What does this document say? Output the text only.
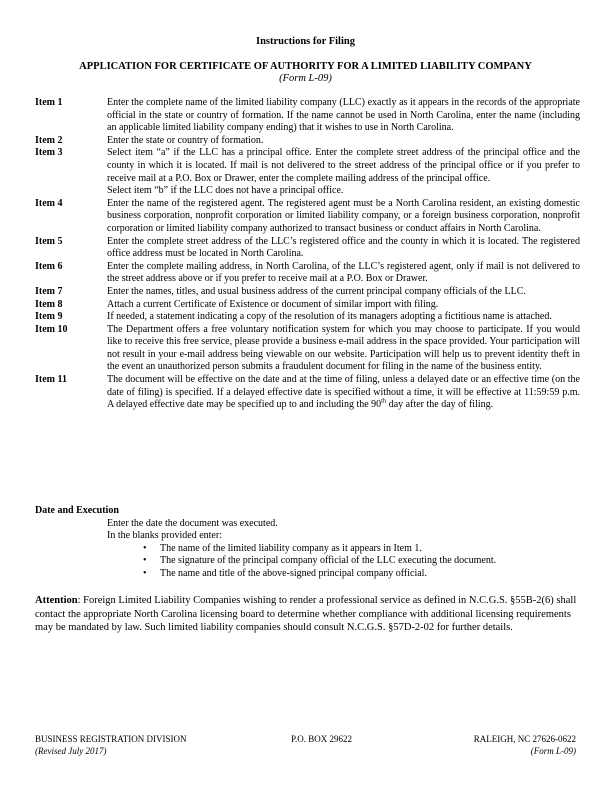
Instructions for Filing
APPLICATION FOR CERTIFICATE OF AUTHORITY FOR A LIMITED LIABILITY COMPANY
(Form L-09)
Item 1	Enter the complete name of the limited liability company (LLC) exactly as it appears in the records of the appropriate official in the state or country of formation. If the name cannot be used in North Carolina, enter the name (including an applicable limited liability company ending) that it wishes to use in North Carolina.
Item 2	Enter the state or country of formation.
Item 3	Select item “a” if the LLC has a principal office. Enter the complete street address of the principal office and the county in which it is located. If mail is not delivered to the street address of the principal office or if you prefer to receive mail at a P.O. Box or Drawer, enter the complete mailing address of the principal office.
Select item “b” if the LLC does not have a principal office.
Item 4	Enter the name of the registered agent. The registered agent must be a North Carolina resident, an existing domestic business corporation, nonprofit corporation or limited liability company, or a foreign business corporation, nonprofit corporation or limited liability company authorized to transact business or conduct affairs in North Carolina.
Item 5	Enter the complete street address of the LLC’s registered office and the county in which it is located. The registered office address must be located in North Carolina.
Item 6	Enter the complete mailing address, in North Carolina, of the LLC’s registered agent, only if mail is not delivered to the street address above or if you prefer to receive mail at a P.O. Box or Drawer.
Item 7	Enter the names, titles, and usual business address of the current principal company officials of the LLC.
Item 8	Attach a current Certificate of Existence or document of similar import with filing.
Item 9	If needed, a statement indicating a copy of the resolution of its managers adopting a fictitious name is attached.
Item 10	The Department offers a free voluntary notification system for which you may choose to participate. If you would like to receive this free service, please provide a business e-mail address in the space provided. Your participation will not result in your e-mail address being viewable on our website. Participation will help us to prevent identity theft in the event an unauthorized person submits a fraudulent document for filing in the name of the business entity.
Item 11	The document will be effective on the date and at the time of filing, unless a delayed date or an effective time (on the date of filing) is specified. If a delayed effective date is specified without a time, it will be effective at 11:59:59 p.m. A delayed effective date may be specified up to and including the 90th day after the day of filing.
Date and Execution
Enter the date the document was executed.
In the blanks provided enter:
• The name of the limited liability company as it appears in Item 1.
• The signature of the principal company official of the LLC executing the document.
• The name and title of the above-signed principal company official.
Attention: Foreign Limited Liability Companies wishing to render a professional service as defined in N.C.G.S. §55B-2(6) shall contact the appropriate North Carolina licensing board to determine whether compliance with additional licensing requirements may be mandated by law. Such limited liability companies should consult N.C.G.S. §57D-2-02 for further details.
BUSINESS REGISTRATION DIVISION
(Revised July 2017)
P.O. BOX 29622	RALEIGH, NC 27626-0622
(Form L-09)
